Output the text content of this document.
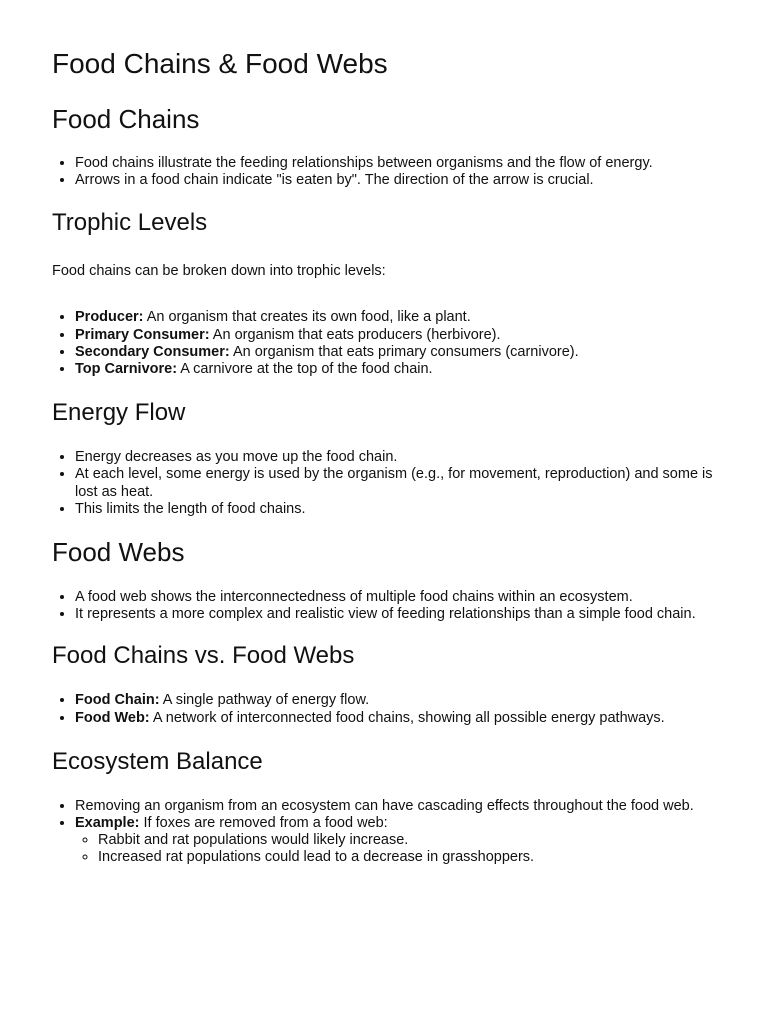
Food Chains & Food Webs
Food Chains
• Food chains illustrate the feeding relationships between organisms and the flow of energy.
• Arrows in a food chain indicate "is eaten by". The direction of the arrow is crucial.
Trophic Levels

Food chains can be broken down into trophic levels:

• Producer: An organism that creates its own food, like a plant.
• Primary Consumer: An organism that eats producers (herbivore).
• Secondary Consumer: An organism that eats primary consumers (carnivore).
• Top Carnivore: A carnivore at the top of the food chain.
Energy Flow
• Energy decreases as you move up the food chain.
• At each level, some energy is used by the organism (e.g., for movement, reproduction) and some is lost as heat.
• This limits the length of food chains.
Food Webs
• A food web shows the interconnectedness of multiple food chains within an ecosystem.
• It represents a more complex and realistic view of feeding relationships than a simple food chain.
Food Chains vs. Food Webs
• Food Chain: A single pathway of energy flow.
• Food Web: A network of interconnected food chains, showing all possible energy pathways.
Ecosystem Balance
• Removing an organism from an ecosystem can have cascading effects throughout the food web.
• Example: If foxes are removed from a food web:
◦ Rabbit and rat populations would likely increase.
◦ Increased rat populations could lead to a decrease in grasshoppers.
